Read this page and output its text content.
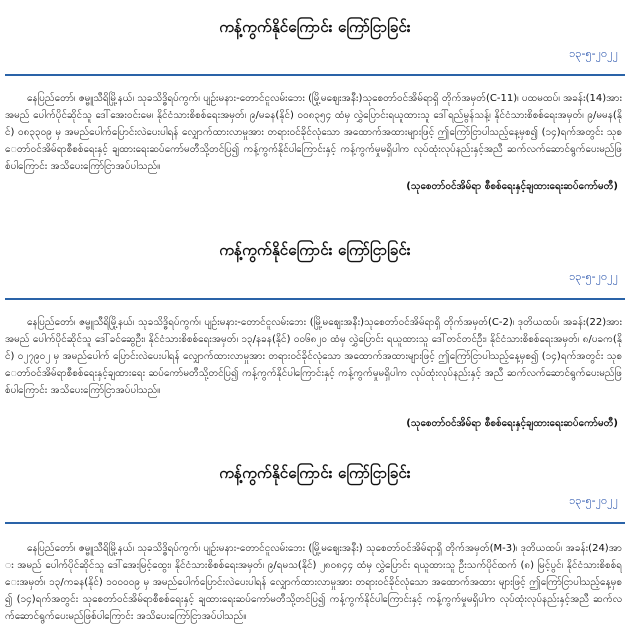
ကန့်ကွက်နိုင်ကြောင်း ကြော်ငြာခြင်း

၁၃-၅-၂၀၂၂

နေပြည်တော်၊ ဇမ္ဗူသီရိမြို့နယ်၊ သုခသိဒ္ဓိရပ်ကွက်၊ ပျဉ်းမနား-တောင်ငူလမ်းဘေး (မြို့မဈေးအနီး)သုစေတာ်ဝင်အိမ်ရာရှိ တိုက်အမှတ်(C-11)၊ ပထမထပ်၊ အခန်း(14)အား အမည် ပေါက်ပိုင်ဆိုင်သူ ဒေါ်အေးဝင်းမေ၊ နိုင်ငံသားစိစစ်ရေးအမှတ်၊ ၉/မခန(နိုင်) ၀၀၈၃၅၄ ထံမှ လွှဲပြောင်းရယူထားသူ ဒေါ်ရည်မွန်သန့်၊ နိုင်ငံသားစိစစ်ရေးအမှတ်၊ ၉/မမန(နိုင်) ၀၈၃၃၀၉ မှ အမည်ပေါက်ပြောင်းလဲပေးပါရန် လျှောက်ထားလာမှုအား တရားဝင်ခိုင်လုံသော အထောက်အထားများဖြင့် ဤကြော်ငြာပါသည့်နေ့မှစ၍ (၁၄)ရက်အတွင်း သုစေတာ်ဝင်အိမ်ရာစီစစ်ရေးနှင့် ချထားရေးဆပ်ကော်မတီသို့တင်ပြ၍ ကန့်ကွက်နိုင်ပါကြောင်းနှင့် ကန့်ကွက်မှုမရှိပါက လုပ်ထုံးလုပ်နည်းနှင့်အညီ ဆက်လက်ဆောင်ရွက်ပေးမည်ဖြစ်ပါကြောင်း အသိပေးကြော်ငြာအပ်ပါသည်။

(သုစေတာ်ဝင်အိမ်ရာ စီစစ်ရေးနှင့်ချထားရေးဆပ်ကော်မတီ)

ကန့်ကွက်နိုင်ကြောင်း ကြော်ငြာခြင်း

၁၃-၅-၂၀၂၂

နေပြည်တော်၊ ဇမ္ဗူသီရိမြို့နယ်၊ သုခသိဒ္ဓိရပ်ကွက်၊ ပျဉ်းမနား-တောင်ငူလမ်းဘေး (မြို့မဈေးအနီး)သုစေတာ်ဝင်အိမ်ရာရှိ တိုက်အမှတ်(C-2)၊ ဒုတိယထပ်၊ အခန်း(22)အား အမည် ပေါက်ပိုင်ဆိုင်သူ ဒေါ်ခင်ဆွေဦး၊ နိုင်ငံသားစိစစ်ရေးအမှတ်၊ ၁၃/နခန(နိုင်) ၀၀၆၈၂၀ ထံမှ လွှဲပြောင်း ရယူထားသူ ဒေါ်တင်တင်ဦး၊ နိုင်ငံသားစိစစ်ရေးအမှတ်၊ ၈/ပခက(နိုင်) ၀၂၇၉၀၂ မှ အမည်ပေါက် ပြောင်းလဲပေးပါရန် လျှောက်ထားလာမှုအား တရားဝင်ခိုင်လုံသော အထောက်အထားများဖြင့် ဤကြော်ငြာပါသည့်နေ့မှစ၍ (၁၄)ရက်အတွင်း သုစေတာ်ဝင်အိမ်ရာစီစစ်ရေးနှင့်ချထားရေး ဆပ်ကော်မတီသို့တင်ပြ၍ ကန့်ကွက်နိုင်ပါကြောင်းနှင့် ကန့်ကွက်မှုမရှိပါက လုပ်ထုံးလုပ်နည်းနှင့် အညီ ဆက်လက်ဆောင်ရွက်ပေးမည်ဖြစ်ပါကြောင်း အသိပေးကြော်ငြာအပ်ပါသည်။

(သုစေတာ်ဝင်အိမ်ရာ စီစစ်ရေးနှင့်ချထားရေးဆပ်ကော်မတီ)

ကန့်ကွက်နိုင်ကြောင်း ကြော်ငြာခြင်း

၁၃-၅-၂၀၂၂

နေပြည်တော်၊ ဇမ္ဗူသီရိမြို့နယ်၊ သုခသိဒ္ဓိရပ်ကွက်၊ ပျဉ်းမနား-တောင်ငူလမ်းဘေး (မြို့မဈေးအနီး) သုစေတာ်ဝင်အိမ်ရာရှိ တိုက်အမှတ်(M-3)၊ ဒုတိယထပ်၊ အခန်း(24)အား အမည် ပေါက်ပိုင်ဆိုင်သူ ဒေါ်အေးမြင့်ထွေး၊ နိုင်ငံသားစိစစ်ရေးအမှတ်၊ ၉/ရမသ(နိုင်) ၂၈၀၈၄၄ ထံမှ လွှဲပြောင်း ရယူထားသူ ဦးသက်ပိုင်ထက် (၈) မြင့်ပွင်၊ နိုင်ငံသားစိစစ်ရေးအမှတ်၊ ၁၃/ကခန(နိုင်) ၁၀၀၀၀၉ မှ အမည်ပေါက်ပြောင်းလဲပေးပါရန် လျှောက်ထားလာမှုအား တရားဝင်ခိုင်လုံသော အထောက်အထား များဖြင့် ဤကြော်ငြာပါသည့်နေ့မှစ၍ (၁၄)ရက်အတွင်း သုစေတာ်ဝင်အိမ်ရာစီစစ်ရေးနှင့် ချထားရေးဆပ်ကော်မတီသို့တင်ပြ၍ ကန့်ကွက်နိုင်ပါကြောင်းနှင့် ကန့်ကွက်မှုမရှိပါက လုပ်ထုံးလုပ်နည်းနှင့်အညီ ဆက်လက်ဆောင်ရွက်ပေးမည်ဖြစ်ပါကြောင်း အသိပေးကြော်ငြာအပ်ပါသည်။
